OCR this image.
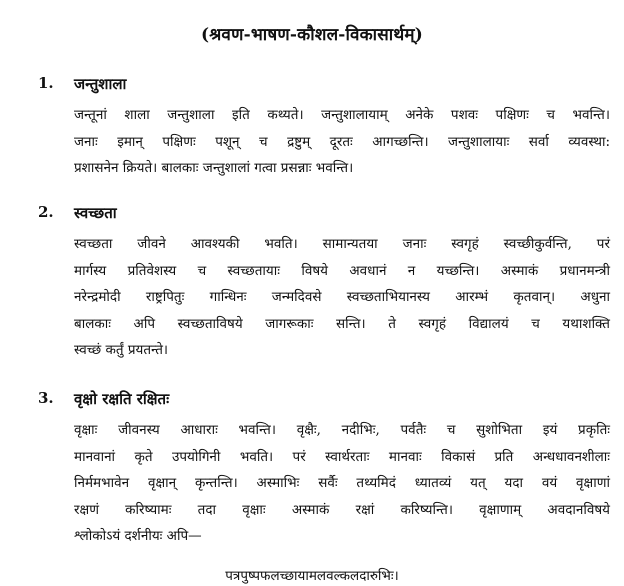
(श्रवण-भाषण-कौशल-विकासार्थम्)
1. जन्तुशाला
जन्तूनां शाला जन्तुशाला इति कथ्यते। जन्तुशालायाम् अनेके पशवः पक्षिणः च भवन्ति।
जनाः इमान् पक्षिणः पशून् च द्रष्टुम् दूरतः आगच्छन्ति। जन्तुशालायाः सर्वा व्यवस्था:
प्रशासनेन क्रियते। बालकाः जन्तुशालां गत्वा प्रसन्नाः भवन्ति।
2. स्वच्छता
स्वच्छता जीवने आवश्यकी भवति। सामान्यतया जनाः स्वगृहं स्वच्छीकुर्वन्ति, परं
मार्गस्य प्रतिवेशस्य च स्वच्छतायाः विषये अवधानं न यच्छन्ति। अस्माकं प्रधानमन्त्री
नरेन्द्रमोदी राष्ट्रपितुः गान्धिनः जन्मदिवसे स्वच्छताभियानस्य आरम्भं कृतवान्। अधुना
बालकाः अपि स्वच्छताविषये जागरूकाः सन्ति। ते स्वगृहं विद्यालयं च यथाशक्ति
स्वच्छं कर्तुं प्रयतन्ते।
3. वृक्षो रक्षति रक्षितः
वृक्षाः जीवनस्य आधाराः भवन्ति। वृक्षैः, नदीभिः, पर्वतैः च सुशोभिता इयं प्रकृतिः
मानवानां कृते उपयोगिनी भवति। परं स्वार्थरताः मानवाः विकासं प्रति अन्धधावनशीलाः
निर्ममभावेन वृक्षान् कृन्तन्ति। अस्माभिः सर्वैः तथ्यमिदं ध्यातव्यं यत् यदा वयं वृक्षाणां
रक्षणं करिष्यामः तदा वृक्षाः अस्माकं रक्षां करिष्यन्ति। वृक्षाणाम् अवदानविषये
श्लोकोऽयं दर्शनीयः अपि—
पत्रपुष्पफलच्छायामलवल्कलदारुभिः।
